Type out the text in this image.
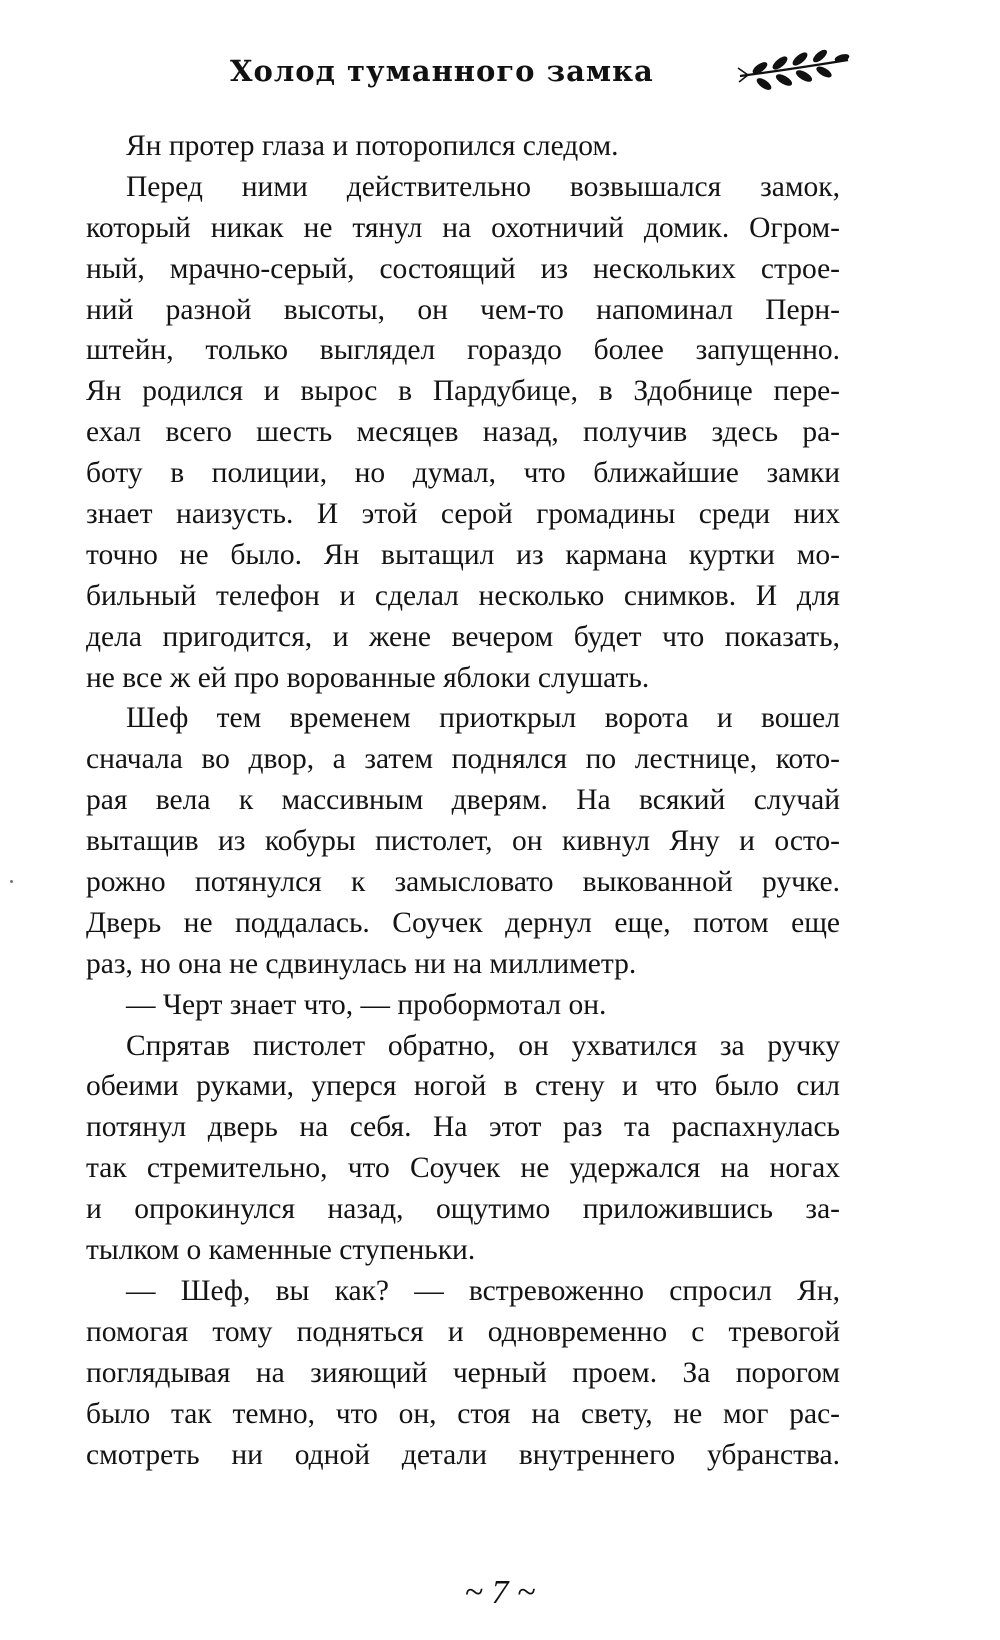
Холод туманного замка
Ян протер глаза и поторопился следом.
Перед ними действительно возвышался замок,
который никак не тянул на охотничий домик. Огром-
ный, мрачно-серый, состоящий из нескольких строе-
ний разной высоты, он чем-то напоминал Перн-
штейн, только выглядел гораздо более запущенно.
Ян родился и вырос в Пардубице, в Здобнице пере-
ехал всего шесть месяцев назад, получив здесь ра-
боту в полиции, но думал, что ближайшие замки
знает наизусть. И этой серой громадины среди них
точно не было. Ян вытащил из кармана куртки мо-
бильный телефон и сделал несколько снимков. И для
дела пригодится, и жене вечером будет что показать,
не все ж ей про ворованные яблоки слушать.
Шеф тем временем приоткрыл ворота и вошел
сначала во двор, а затем поднялся по лестнице, кото-
рая вела к массивным дверям. На всякий случай
вытащив из кобуры пистолет, он кивнул Яну и осто-
рожно потянулся к замысловато выкованной ручке.
Дверь не поддалась. Соучек дернул еще, потом еще
раз, но она не сдвинулась ни на миллиметр.
— Черт знает что, — пробормотал он.
Спрятав пистолет обратно, он ухватился за ручку
обеими руками, уперся ногой в стену и что было сил
потянул дверь на себя. На этот раз та распахнулась
так стремительно, что Соучек не удержался на ногах
и опрокинулся назад, ощутимо приложившись за-
тылком о каменные ступеньки.
— Шеф, вы как? — встревоженно спросил Ян,
помогая тому подняться и одновременно с тревогой
поглядывая на зияющий черный проем. За порогом
было так темно, что он, стоя на свету, не мог рас-
смотреть ни одной детали внутреннего убранства.
~ 7 ~
